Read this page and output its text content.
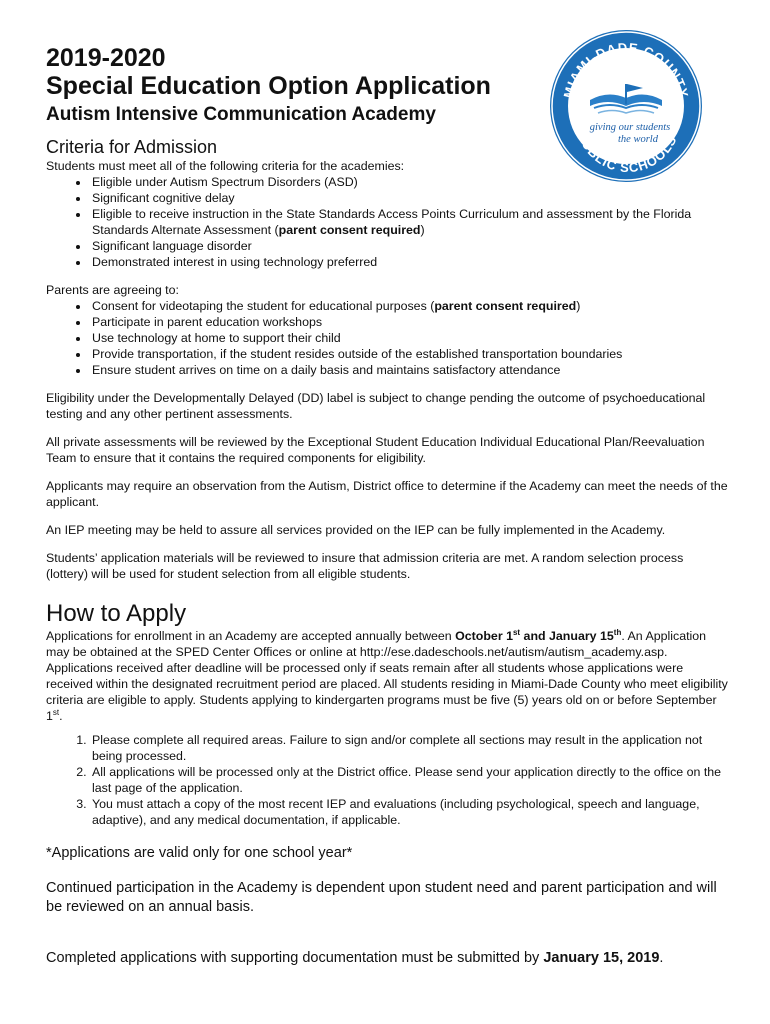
MIAMI-DADE COUNTY
PUBLIC SCHOOLS
giving our students
the world
2019-2020
Special Education Option Application
Autism Intensive Communication Academy
Criteria for Admission

Students must meet all of the following criteria for the academies:

• Eligible under Autism Spectrum Disorders (ASD)
• Significant cognitive delay
• Eligible to receive instruction in the State Standards Access Points Curriculum and assessment by the Florida Standards Alternate Assessment (parent consent required)
• Significant language disorder
• Demonstrated interest in using technology preferred

Parents are agreeing to:

• Consent for videotaping the student for educational purposes (parent consent required)
• Participate in parent education workshops
• Use technology at home to support their child
• Provide transportation, if the student resides outside of the established transportation boundaries
• Ensure student arrives on time on a daily basis and maintains satisfactory attendance

Eligibility under the Developmentally Delayed (DD) label is subject to change pending the outcome of psychoeducational testing and any other pertinent assessments.

All private assessments will be reviewed by the Exceptional Student Education Individual Educational Plan/Reevaluation Team to ensure that it contains the required components for eligibility.

Applicants may require an observation from the Autism, District office to determine if the Academy can meet the needs of the applicant.

An IEP meeting may be held to assure all services provided on the IEP can be fully implemented in the Academy.

Students’ application materials will be reviewed to insure that admission criteria are met. A random selection process (lottery) will be used for student selection from all eligible students.

How to Apply

Applications for enrollment in an Academy are accepted annually between October 1st and January 15th. An Application may be obtained at the SPED Center Offices or online at http://ese.dadeschools.net/autism/autism_academy.asp. Applications received after deadline will be processed only if seats remain after all students whose applications were received within the designated recruitment period are placed. All students residing in Miami-Dade County who meet eligibility criteria are eligible to apply. Students applying to kindergarten programs must be five (5) years old on or before September 1st.

1. Please complete all required areas. Failure to sign and/or complete all sections may result in the application not being processed.
2. All applications will be processed only at the District office. Please send your application directly to the office on the last page of the application.
3. You must attach a copy of the most recent IEP and evaluations (including psychological, speech and language, adaptive), and any medical documentation, if applicable.
*Applications are valid only for one school year*
Continued participation in the Academy is dependent upon student need and parent participation and will be reviewed on an annual basis.
Completed applications with supporting documentation must be submitted by January 15, 2019.
